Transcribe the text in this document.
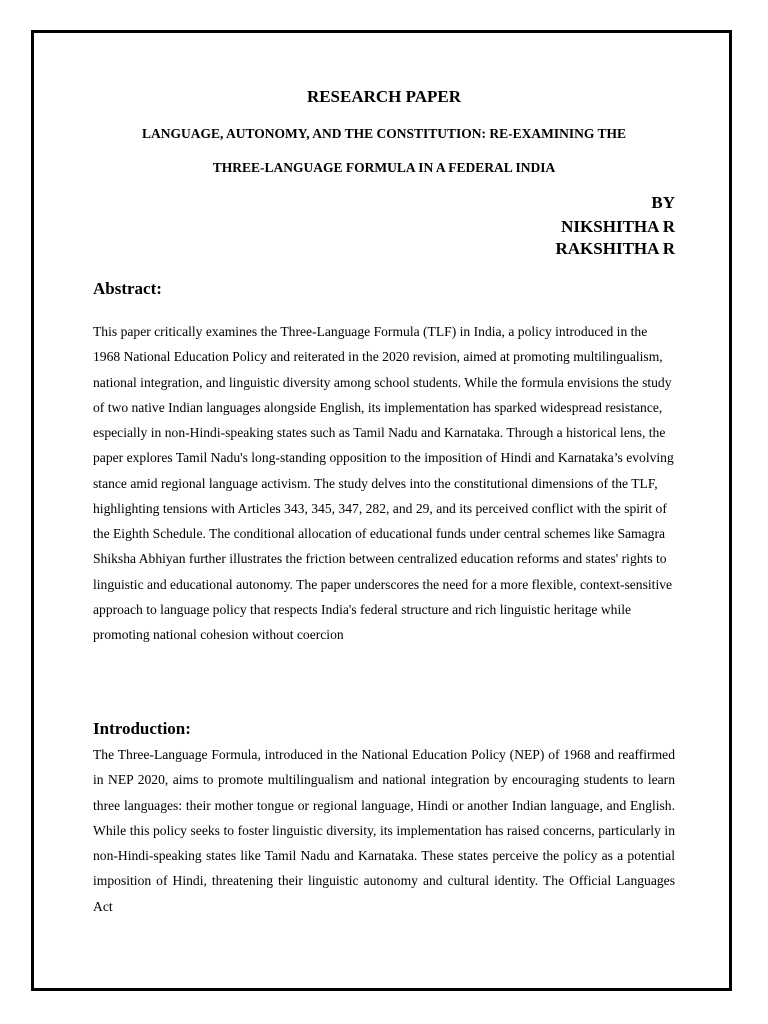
RESEARCH PAPER
LANGUAGE, AUTONOMY, AND THE CONSTITUTION: RE-EXAMINING THE
THREE-LANGUAGE FORMULA IN A FEDERAL INDIA
BY
NIKSHITHA R
RAKSHITHA R
Abstract:
This paper critically examines the Three-Language Formula (TLF) in India, a policy introduced in the 1968 National Education Policy and reiterated in the 2020 revision, aimed at promoting multilingualism, national integration, and linguistic diversity among school students. While the formula envisions the study of two native Indian languages alongside English, its implementation has sparked widespread resistance, especially in non-Hindi-speaking states such as Tamil Nadu and Karnataka. Through a historical lens, the paper explores Tamil Nadu's long-standing opposition to the imposition of Hindi and Karnataka’s evolving stance amid regional language activism. The study delves into the constitutional dimensions of the TLF, highlighting tensions with Articles 343, 345, 347, 282, and 29, and its perceived conflict with the spirit of the Eighth Schedule. The conditional allocation of educational funds under central schemes like Samagra Shiksha Abhiyan further illustrates the friction between centralized education reforms and states' rights to linguistic and educational autonomy. The paper underscores the need for a more flexible, context-sensitive approach to language policy that respects India's federal structure and rich linguistic heritage while promoting national cohesion without coercion
Introduction:
The Three-Language Formula, introduced in the National Education Policy (NEP) of 1968 and reaffirmed in NEP 2020, aims to promote multilingualism and national integration by encouraging students to learn three languages: their mother tongue or regional language, Hindi or another Indian language, and English. While this policy seeks to foster linguistic diversity, its implementation has raised concerns, particularly in non-Hindi-speaking states like Tamil Nadu and Karnataka. These states perceive the policy as a potential imposition of Hindi, threatening their linguistic autonomy and cultural identity. The Official Languages Act
